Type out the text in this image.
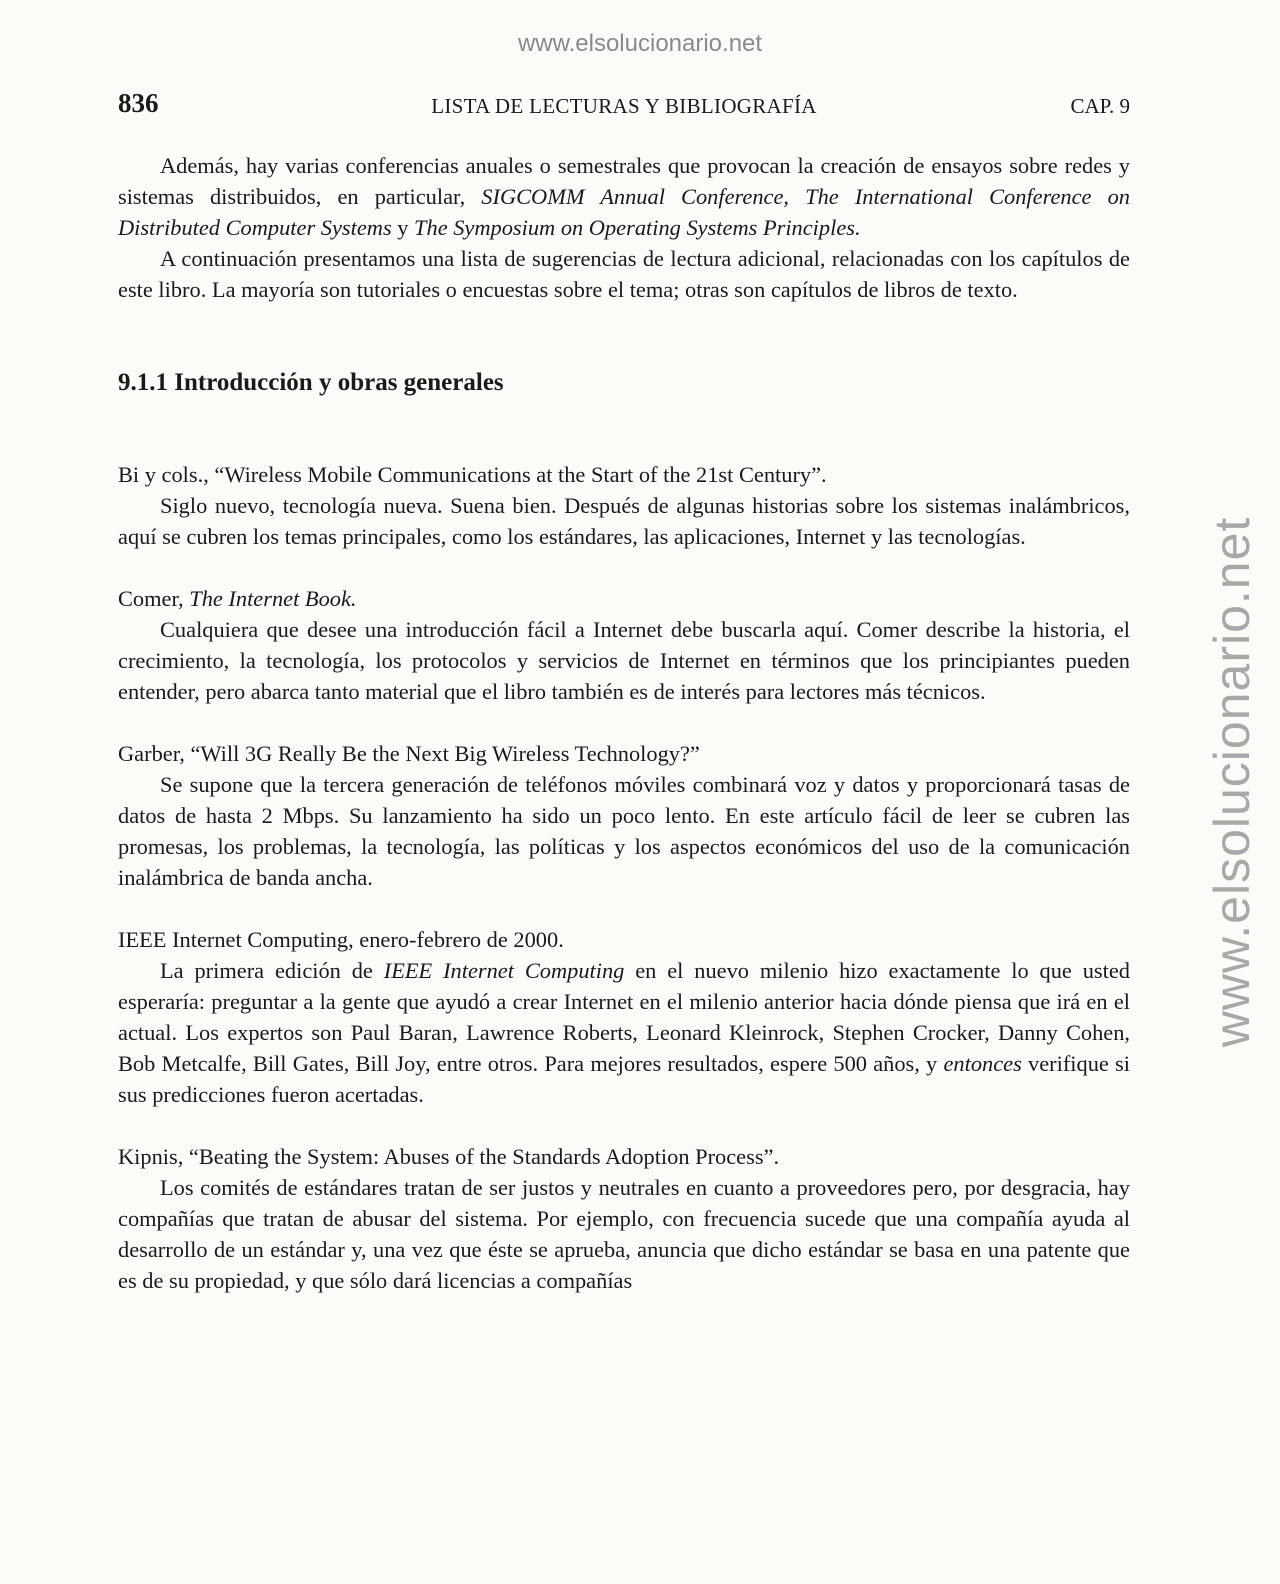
www.elsolucionario.net
www.elsolucionario.net
836	LISTA DE LECTURAS Y BIBLIOGRAFÍA	CAP. 9

Además, hay varias conferencias anuales o semestrales que provocan la creación de ensayos sobre redes y sistemas distribuidos, en particular, SIGCOMM Annual Conference, The International Conference on Distributed Computer Systems y The Symposium on Operating Systems Principles.

A continuación presentamos una lista de sugerencias de lectura adicional, relacionadas con los capítulos de este libro. La mayoría son tutoriales o encuestas sobre el tema; otras son capítulos de libros de texto.

9.1.1 Introducción y obras generales

Bi y cols., “Wireless Mobile Communications at the Start of the 21st Century”.

Siglo nuevo, tecnología nueva. Suena bien. Después de algunas historias sobre los sistemas inalámbricos, aquí se cubren los temas principales, como los estándares, las aplicaciones, Internet y las tecnologías.

Comer, The Internet Book.

Cualquiera que desee una introducción fácil a Internet debe buscarla aquí. Comer describe la historia, el crecimiento, la tecnología, los protocolos y servicios de Internet en términos que los principiantes pueden entender, pero abarca tanto material que el libro también es de interés para lectores más técnicos.

Garber, “Will 3G Really Be the Next Big Wireless Technology?”

Se supone que la tercera generación de teléfonos móviles combinará voz y datos y proporcionará tasas de datos de hasta 2 Mbps. Su lanzamiento ha sido un poco lento. En este artículo fácil de leer se cubren las promesas, los problemas, la tecnología, las políticas y los aspectos económicos del uso de la comunicación inalámbrica de banda ancha.

IEEE Internet Computing, enero-febrero de 2000.

La primera edición de IEEE Internet Computing en el nuevo milenio hizo exactamente lo que usted esperaría: preguntar a la gente que ayudó a crear Internet en el milenio anterior hacia dónde piensa que irá en el actual. Los expertos son Paul Baran, Lawrence Roberts, Leonard Kleinrock, Stephen Crocker, Danny Cohen, Bob Metcalfe, Bill Gates, Bill Joy, entre otros. Para mejores resultados, espere 500 años, y entonces verifique si sus predicciones fueron acertadas.

Kipnis, “Beating the System: Abuses of the Standards Adoption Process”.

Los comités de estándares tratan de ser justos y neutrales en cuanto a proveedores pero, por desgracia, hay compañías que tratan de abusar del sistema. Por ejemplo, con frecuencia sucede que una compañía ayuda al desarrollo de un estándar y, una vez que éste se aprueba, anuncia que dicho estándar se basa en una patente que es de su propiedad, y que sólo dará licencias a compañías
